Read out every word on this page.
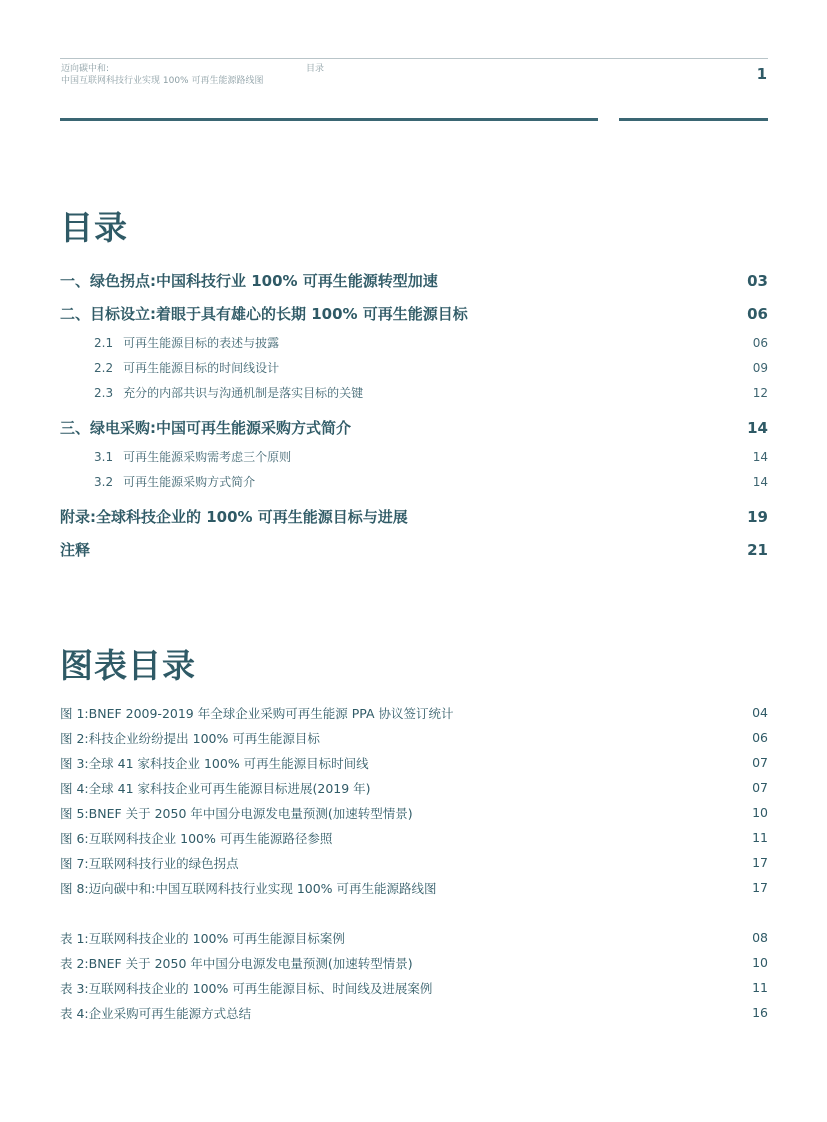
迈向碳中和:
中国互联网科技行业实现 100% 可再生能源路线图
目录	1
目录
一、绿色拐点:中国科技行业 100% 可再生能源转型加速	03
二、目标设立:着眼于具有雄心的长期 100% 可再生能源目标	06
2.1 可再生能源目标的表述与披露	06
2.2 可再生能源目标的时间线设计	09
2.3 充分的内部共识与沟通机制是落实目标的关键	12
三、绿电采购:中国可再生能源采购方式简介	14
3.1 可再生能源采购需考虑三个原则	14
3.2 可再生能源采购方式简介	14
附录:全球科技企业的 100% 可再生能源目标与进展	19
注释	21
图表目录
图 1:BNEF 2009-2019 年全球企业采购可再生能源 PPA 协议签订统计	04
图 2:科技企业纷纷提出 100% 可再生能源目标	06
图 3:全球 41 家科技企业 100% 可再生能源目标时间线	07
图 4:全球 41 家科技企业可再生能源目标进展(2019 年)	07
图 5:BNEF 关于 2050 年中国分电源发电量预测(加速转型情景)	10
图 6:互联网科技企业 100% 可再生能源路径参照	11
图 7:互联网科技行业的绿色拐点	17
图 8:迈向碳中和:中国互联网科技行业实现 100% 可再生能源路线图	17
表 1:互联网科技企业的 100% 可再生能源目标案例	08
表 2:BNEF 关于 2050 年中国分电源发电量预测(加速转型情景)	10
表 3:互联网科技企业的 100% 可再生能源目标、时间线及进展案例	11
表 4:企业采购可再生能源方式总结	16
